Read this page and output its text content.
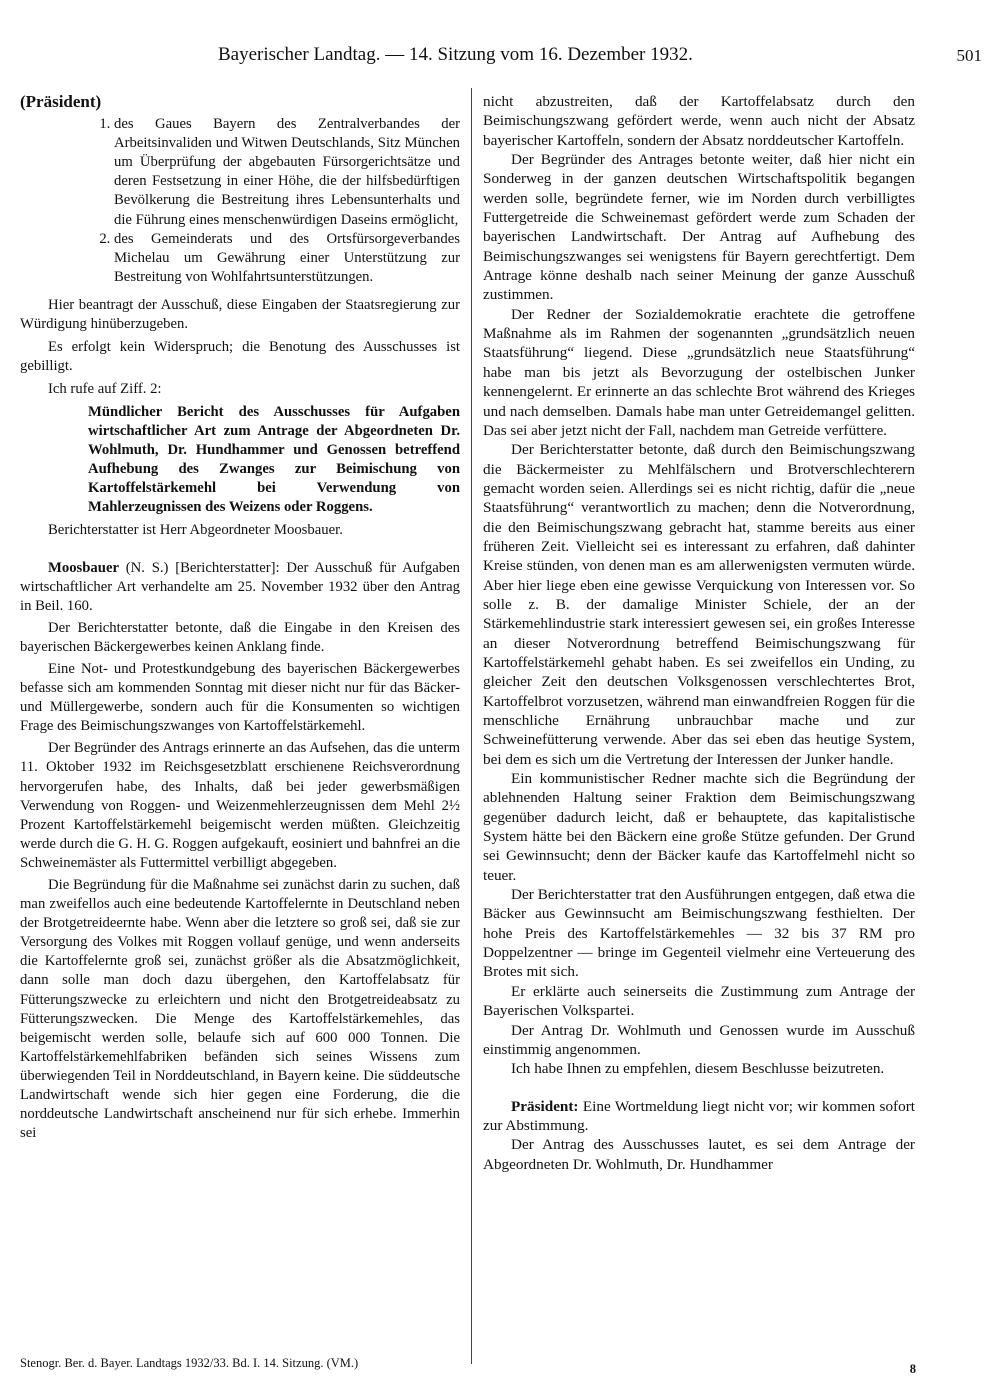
Bayerischer Landtag. — 14. Sitzung vom 16. Dezember 1932.	501
(Präsident)
1. des Gaues Bayern des Zentralverbandes der Arbeitsinvaliden und Witwen Deutschlands, Sitz München um Überprüfung der abgebauten Fürsorgerichtsätze und deren Festsetzung in einer Höhe, die der hilfsbedürftigen Bevölkerung die Bestreitung ihres Lebensunterhalts und die Führung eines menschenwürdigen Daseins ermöglicht,
2. des Gemeinderats und des Ortsfürsorgeverbandes Michelau um Gewährung einer Unterstützung zur Bestreitung von Wohlfahrtsunterstützungen.

Hier beantragt der Ausschuß, diese Eingaben der Staatsregierung zur Würdigung hinüberzugeben.

Es erfolgt kein Widerspruch; die Benotung des Ausschusses ist gebilligt.

Ich rufe auf Ziff. 2:

Mündlicher Bericht des Ausschusses für Aufgaben wirtschaftlicher Art zum Antrage der Abgeordneten Dr. Wohlmuth, Dr. Hundhammer und Genossen betreffend Aufhebung des Zwanges zur Beimischung von Kartoffelstärkemehl bei Verwendung von Mahlerzeugnissen des Weizens oder Roggens.

Berichterstatter ist Herr Abgeordneter Moosbauer.

Moosbauer (N. S.) [Berichterstatter]: Der Ausschuß für Aufgaben wirtschaftlicher Art verhandelte am 25. November 1932 über den Antrag in Beil. 160.

Der Berichterstatter betonte, daß die Eingabe in den Kreisen des bayerischen Bäckergewerbes keinen Anklang finde.

Eine Not- und Protestkundgebung des bayerischen Bäckergewerbes befasse sich am kommenden Sonntag mit dieser nicht nur für das Bäcker- und Müllergewerbe, sondern auch für die Konsumenten so wichtigen Frage des Beimischungszwanges von Kartoffelstärkemehl.

Der Begründer des Antrags erinnerte an das Aufsehen, das die unterm 11. Oktober 1932 im Reichsgesetzblatt erschienene Reichsverordnung hervorgerufen habe, des Inhalts, daß bei jeder gewerbsmäßigen Verwendung von Roggen- und Weizenmehlerzeugnissen dem Mehl 2½ Prozent Kartoffelstärkemehl beigemischt werden müßten. Gleichzeitig werde durch die G. H. G. Roggen aufgekauft, eosiniert und bahnfrei an die Schweinemäster als Futtermittel verbilligt abgegeben.

Die Begründung für die Maßnahme sei zunächst darin zu suchen, daß man zweifellos auch eine bedeutende Kartoffelernte in Deutschland neben der Brotgetreideernte habe. Wenn aber die letztere so groß sei, daß sie zur Versorgung des Volkes mit Roggen vollauf genüge, und wenn anderseits die Kartoffelernte groß sei, zunächst größer als die Absatzmöglichkeit, dann solle man doch dazu übergehen, den Kartoffelabsatz für Fütterungszwecke zu erleichtern und nicht den Brotgetreideabsatz zu Fütterungszwecken. Die Menge des Kartoffelstärkemehles, das beigemischt werden solle, belaufe sich auf 600 000 Tonnen. Die Kartoffelstärkemehlfabriken befänden sich seines Wissens zum überwiegenden Teil in Norddeutschland, in Bayern keine. Die süddeutsche Landwirtschaft wende sich hier gegen eine Forderung, die die norddeutsche Landwirtschaft anscheinend nur für sich erhebe. Immerhin sei

nicht abzustreiten, daß der Kartoffelabsatz durch den Beimischungszwang gefördert werde, wenn auch nicht der Absatz bayerischer Kartoffeln, sondern der Absatz norddeutscher Kartoffeln.

Der Begründer des Antrages betonte weiter, daß hier nicht ein Sonderweg in der ganzen deutschen Wirtschaftspolitik begangen werden solle, begründete ferner, wie im Norden durch verbilligtes Futtergetreide die Schweinemast gefördert werde zum Schaden der bayerischen Landwirtschaft. Der Antrag auf Aufhebung des Beimischungszwanges sei wenigstens für Bayern gerechtfertigt. Dem Antrage könne deshalb nach seiner Meinung der ganze Ausschuß zustimmen.

Der Redner der Sozialdemokratie erachtete die getroffene Maßnahme als im Rahmen der sogenannten „grundsätzlich neuen Staatsführung“ liegend. Diese „grundsätzlich neue Staatsführung“ habe man bis jetzt als Bevorzugung der ostelbischen Junker kennengelernt. Er erinnerte an das schlechte Brot während des Krieges und nach demselben. Damals habe man unter Getreidemangel gelitten. Das sei aber jetzt nicht der Fall, nachdem man Getreide verfüttere.

Der Berichterstatter betonte, daß durch den Beimischungszwang die Bäckermeister zu Mehlfälschern und Brotverschlechterern gemacht worden seien. Allerdings sei es nicht richtig, dafür die „neue Staatsführung“ verantwortlich zu machen; denn die Notverordnung, die den Beimischungszwang gebracht hat, stamme bereits aus einer früheren Zeit. Vielleicht sei es interessant zu erfahren, daß dahinter Kreise stünden, von denen man es am allerwenigsten vermuten würde. Aber hier liege eben eine gewisse Verquickung von Interessen vor. So solle z. B. der damalige Minister Schiele, der an der Stärkemehlindustrie stark interessiert gewesen sei, ein großes Interesse an dieser Notverordnung betreffend Beimischungszwang für Kartoffelstärkemehl gehabt haben. Es sei zweifellos ein Unding, zu gleicher Zeit den deutschen Volksgenossen verschlechtertes Brot, Kartoffelbrot vorzusetzen, während man einwandfreien Roggen für die menschliche Ernährung unbrauchbar mache und zur Schweinefütterung verwende. Aber das sei eben das heutige System, bei dem es sich um die Vertretung der Interessen der Junker handle.

Ein kommunistischer Redner machte sich die Begründung der ablehnenden Haltung seiner Fraktion dem Beimischungszwang gegenüber dadurch leicht, daß er behauptete, das kapitalistische System hätte bei den Bäckern eine große Stütze gefunden. Der Grund sei Gewinnsucht; denn der Bäcker kaufe das Kartoffelmehl nicht so teuer.

Der Berichterstatter trat den Ausführungen entgegen, daß etwa die Bäcker aus Gewinnsucht am Beimischungszwang festhielten. Der hohe Preis des Kartoffelstärkemehles — 32 bis 37 RM pro Doppelzentner — bringe im Gegenteil vielmehr eine Verteuerung des Brotes mit sich.

Er erklärte auch seinerseits die Zustimmung zum Antrage der Bayerischen Volkspartei.

Der Antrag Dr. Wohlmuth und Genossen wurde im Ausschuß einstimmig angenommen.

Ich habe Ihnen zu empfehlen, diesem Beschlusse beizutreten.

Präsident: Eine Wortmeldung liegt nicht vor; wir kommen sofort zur Abstimmung.

Der Antrag des Ausschusses lautet, es sei dem Antrage der Abgeordneten Dr. Wohlmuth, Dr. Hundhammer

Stenogr. Ber. d. Bayer. Landtags 1932/33. Bd. I. 14. Sitzung. (VM.)	8
